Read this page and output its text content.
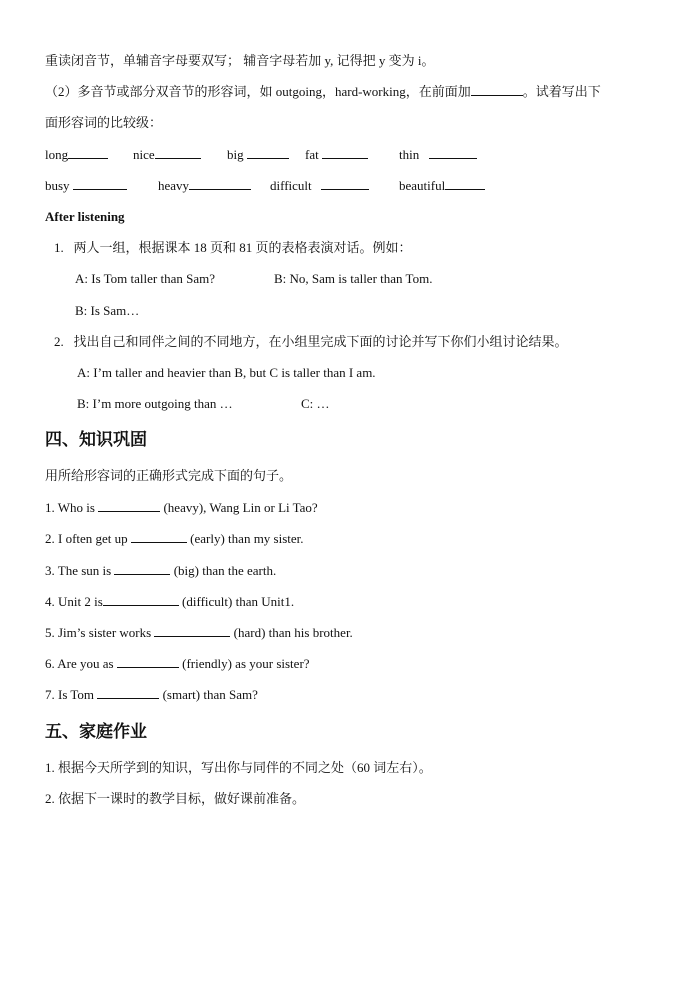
重读闭音节，单辅音字母要双写； 辅音字母若加 y, 记得把 y 变为 i。
（2）多音节或部分双音节的形容词，如 outgoing，hard-working，在前面加	。试着写出下
面形容词的比较级：
long	nice	big	fat	thin
busy	heavy	difficult	beautiful
After listening
1. 两人一组，根据课本 18 页和 81 页的表格表演对话。例如：
A: Is Tom taller than Sam?	B: No, Sam is taller than Tom.
B: Is Sam…
2. 找出自己和同伴之间的不同地方，在小组里完成下面的讨论并写下你们小组讨论结果。
A: I’m taller and heavier than B, but C is taller than I am.
B: I’m more outgoing than …	C: …
四、知识巩固
用所给形容词的正确形式完成下面的句子。
1. Who is	(heavy), Wang Lin or Li Tao?
2. I often get up	(early) than my sister.
3. The sun is	(big) than the earth.
4. Unit 2 is	(difficult) than Unit1.
5. Jim’s sister works	(hard) than his brother.
6. Are you as	(friendly) as your sister?
7. Is Tom	(smart) than Sam?
五、家庭作业
1. 根据今天所学到的知识，写出你与同伴的不同之处（60 词左右）。
2. 依据下一课时的教学目标，做好课前准备。
